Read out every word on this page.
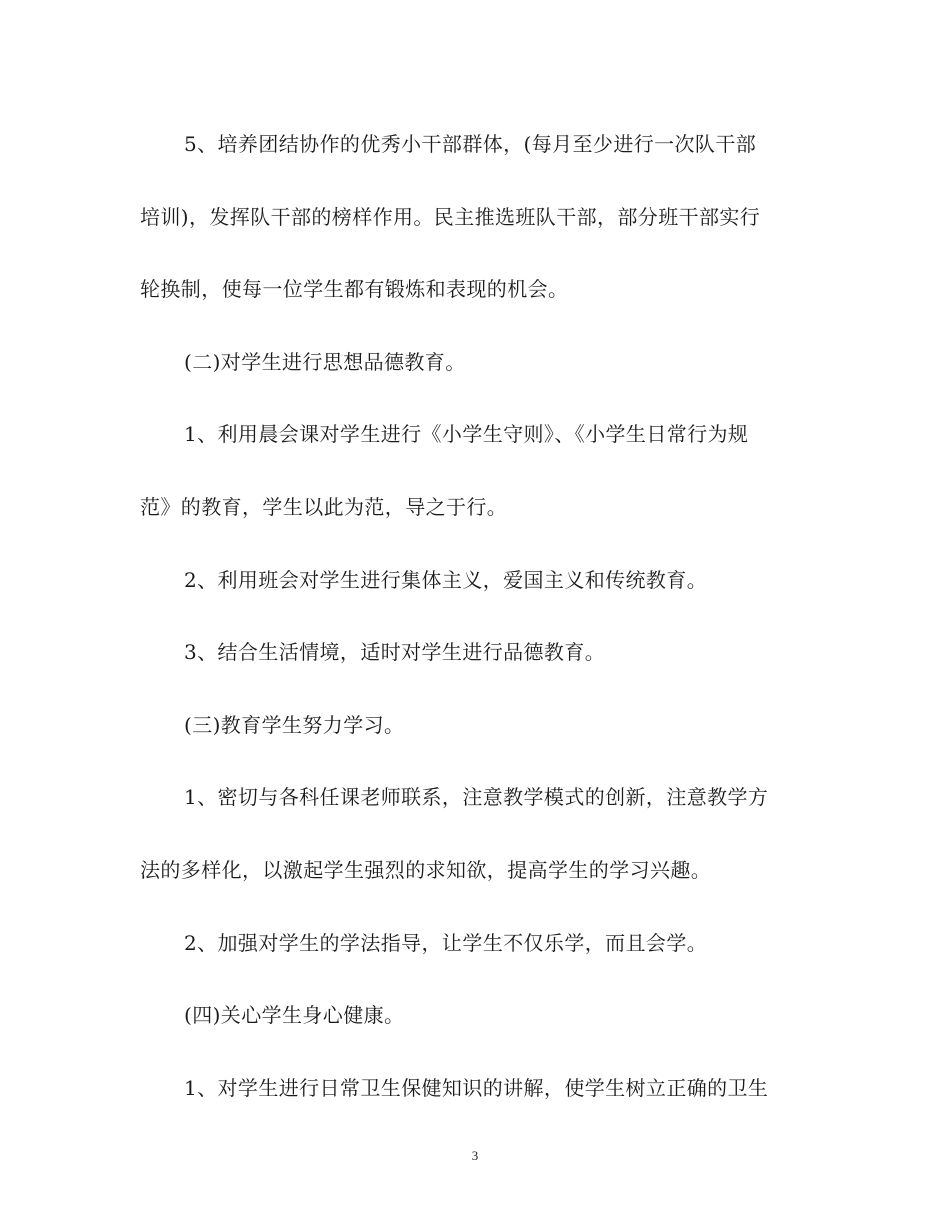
5、培养团结协作的优秀小干部群体，(每月至少进行一次队干部
培训)，发挥队干部的榜样作用。民主推选班队干部，部分班干部实行
轮换制，使每一位学生都有锻炼和表现的机会。
(二)对学生进行思想品德教育。
1、利用晨会课对学生进行《小学生守则》、《小学生日常行为规
范》的教育，学生以此为范，导之于行。
2、利用班会对学生进行集体主义，爱国主义和传统教育。
3、结合生活情境，适时对学生进行品德教育。
(三)教育学生努力学习。
1、密切与各科任课老师联系，注意教学模式的创新，注意教学方
法的多样化，以激起学生强烈的求知欲，提高学生的学习兴趣。
2、加强对学生的学法指导，让学生不仅乐学，而且会学。
(四)关心学生身心健康。
1、对学生进行日常卫生保健知识的讲解，使学生树立正确的卫生
3
